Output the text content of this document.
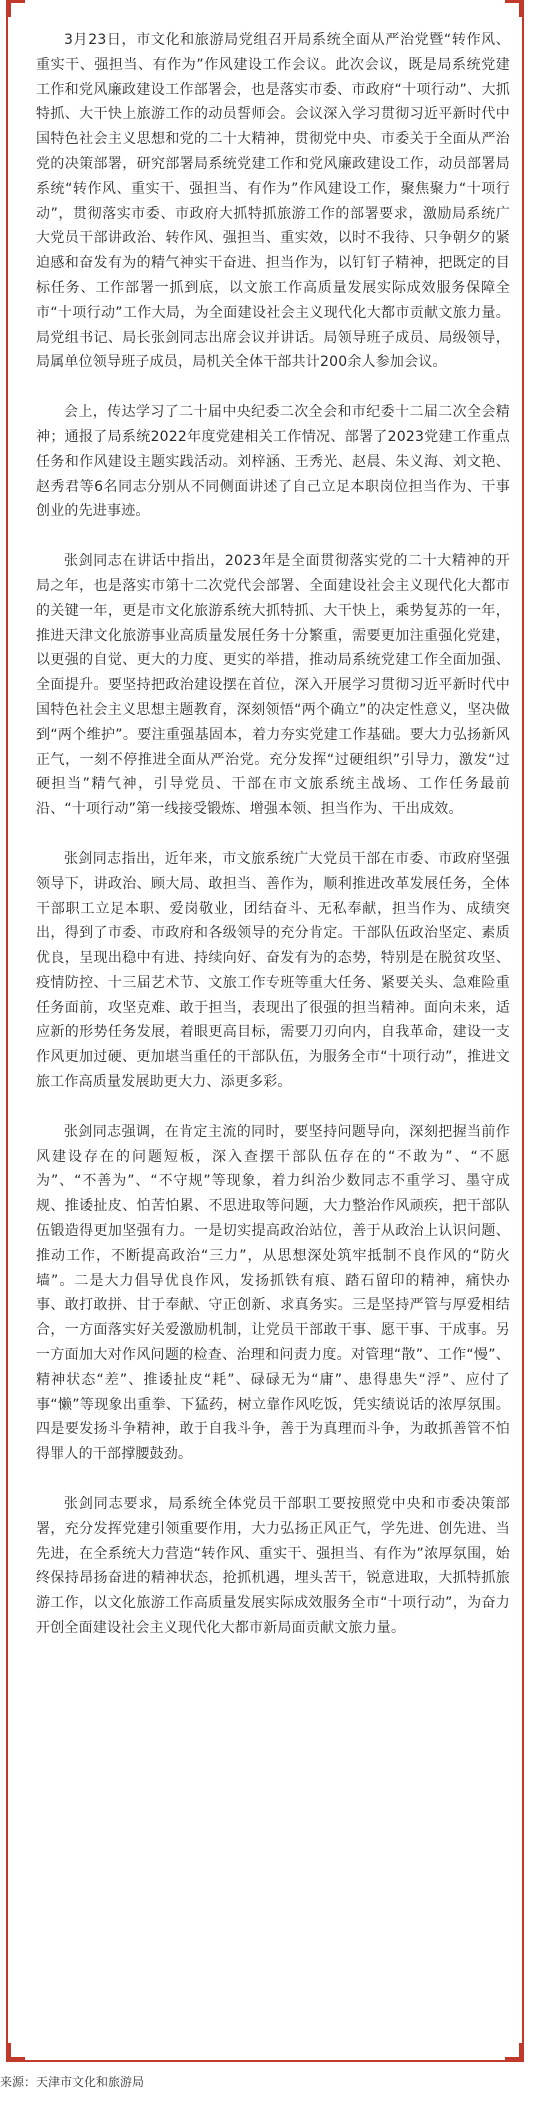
3月23日，市文化和旅游局党组召开局系统全面从严治党暨“转作风、重实干、强担当、有作为”作风建设工作会议。此次会议，既是局系统党建工作和党风廉政建设工作部署会，也是落实市委、市政府“十项行动”、大抓特抓、大干快上旅游工作的动员誓师会。会议深入学习贯彻习近平新时代中国特色社会主义思想和党的二十大精神，贯彻党中央、市委关于全面从严治党的决策部署，研究部署局系统党建工作和党风廉政建设工作，动员部署局系统“转作风、重实干、强担当、有作为”作风建设工作，聚焦聚力“十项行动”，贯彻落实市委、市政府大抓特抓旅游工作的部署要求，激励局系统广大党员干部讲政治、转作风、强担当、重实效，以时不我待、只争朝夕的紧迫感和奋发有为的精气神实干奋进、担当作为，以钉钉子精神，把既定的目标任务、工作部署一抓到底，以文旅工作高质量发展实际成效服务保障全市“十项行动”工作大局，为全面建设社会主义现代化大都市贡献文旅力量。局党组书记、局长张剑同志出席会议并讲话。局领导班子成员、局级领导，局属单位领导班子成员，局机关全体干部共计200余人参加会议。

会上，传达学习了二十届中央纪委二次全会和市纪委十二届二次全会精神；通报了局系统2022年度党建相关工作情况、部署了2023党建工作重点任务和作风建设主题实践活动。刘梓涵、王秀光、赵晨、朱义海、刘文艳、赵秀君等6名同志分别从不同侧面讲述了自己立足本职岗位担当作为、干事创业的先进事迹。

张剑同志在讲话中指出，2023年是全面贯彻落实党的二十大精神的开局之年，也是落实市第十二次党代会部署、全面建设社会主义现代化大都市的关键一年，更是市文化旅游系统大抓特抓、大干快上，乘势复苏的一年，推进天津文化旅游事业高质量发展任务十分繁重，需要更加注重强化党建，以更强的自觉、更大的力度、更实的举措，推动局系统党建工作全面加强、全面提升。要坚持把政治建设摆在首位，深入开展学习贯彻习近平新时代中国特色社会主义思想主题教育，深刻领悟“两个确立”的决定性意义，坚决做到“两个维护”。要注重强基固本，着力夯实党建工作基础。要大力弘扬新风正气，一刻不停推进全面从严治党。充分发挥“过硬组织”引导力，激发“过硬担当”精气神，引导党员、干部在市文旅系统主战场、工作任务最前沿、“十项行动”第一线接受锻炼、增强本领、担当作为、干出成效。

张剑同志指出，近年来，市文旅系统广大党员干部在市委、市政府坚强领导下，讲政治、顾大局、敢担当、善作为，顺利推进改革发展任务，全体干部职工立足本职、爱岗敬业，团结奋斗、无私奉献，担当作为、成绩突出，得到了市委、市政府和各级领导的充分肯定。干部队伍政治坚定、素质优良，呈现出稳中有进、持续向好、奋发有为的态势，特别是在脱贫攻坚、疫情防控、十三届艺术节、文旅工作专班等重大任务、紧要关头、急难险重任务面前，攻坚克难、敢于担当，表现出了很强的担当精神。面向未来，适应新的形势任务发展，着眼更高目标，需要刀刃向内，自我革命，建设一支作风更加过硬、更加堪当重任的干部队伍，为服务全市“十项行动”，推进文旅工作高质量发展助更大力、添更多彩。

张剑同志强调，在肯定主流的同时，要坚持问题导向，深刻把握当前作风建设存在的问题短板，深入查摆干部队伍存在的“不敢为”、“不愿为”、“不善为”、“不守规”等现象，着力纠治少数同志不重学习、墨守成规、推诿扯皮、怕苦怕累、不思进取等问题，大力整治作风顽疾，把干部队伍锻造得更加坚强有力。一是切实提高政治站位，善于从政治上认识问题、推动工作，不断提高政治“三力”，从思想深处筑牢抵制不良作风的“防火墙”。二是大力倡导优良作风，发扬抓铁有痕、踏石留印的精神，痛快办事、敢打敢拼、甘于奉献、守正创新、求真务实。三是坚持严管与厚爱相结合，一方面落实好关爱激励机制，让党员干部敢干事、愿干事、干成事。另一方面加大对作风问题的检查、治理和问责力度。对管理“散”、工作“慢”、精神状态“差”、推诿扯皮“耗”、碌碌无为“庸”、患得患失“浮”、应付了事“懒”等现象出重拳、下猛药，树立靠作风吃饭，凭实绩说话的浓厚氛围。四是要发扬斗争精神，敢于自我斗争，善于为真理而斗争，为敢抓善管不怕得罪人的干部撑腰鼓劲。

张剑同志要求，局系统全体党员干部职工要按照党中央和市委决策部署，充分发挥党建引领重要作用，大力弘扬正风正气，学先进、创先进、当先进，在全系统大力营造“转作风、重实干、强担当、有作为”浓厚氛围，始终保持昂扬奋进的精神状态，抢抓机遇，埋头苦干，锐意进取，大抓特抓旅游工作，以文化旅游工作高质量发展实际成效服务全市“十项行动”，为奋力开创全面建设社会主义现代化大都市新局面贡献文旅力量。

来源：天津市文化和旅游局
